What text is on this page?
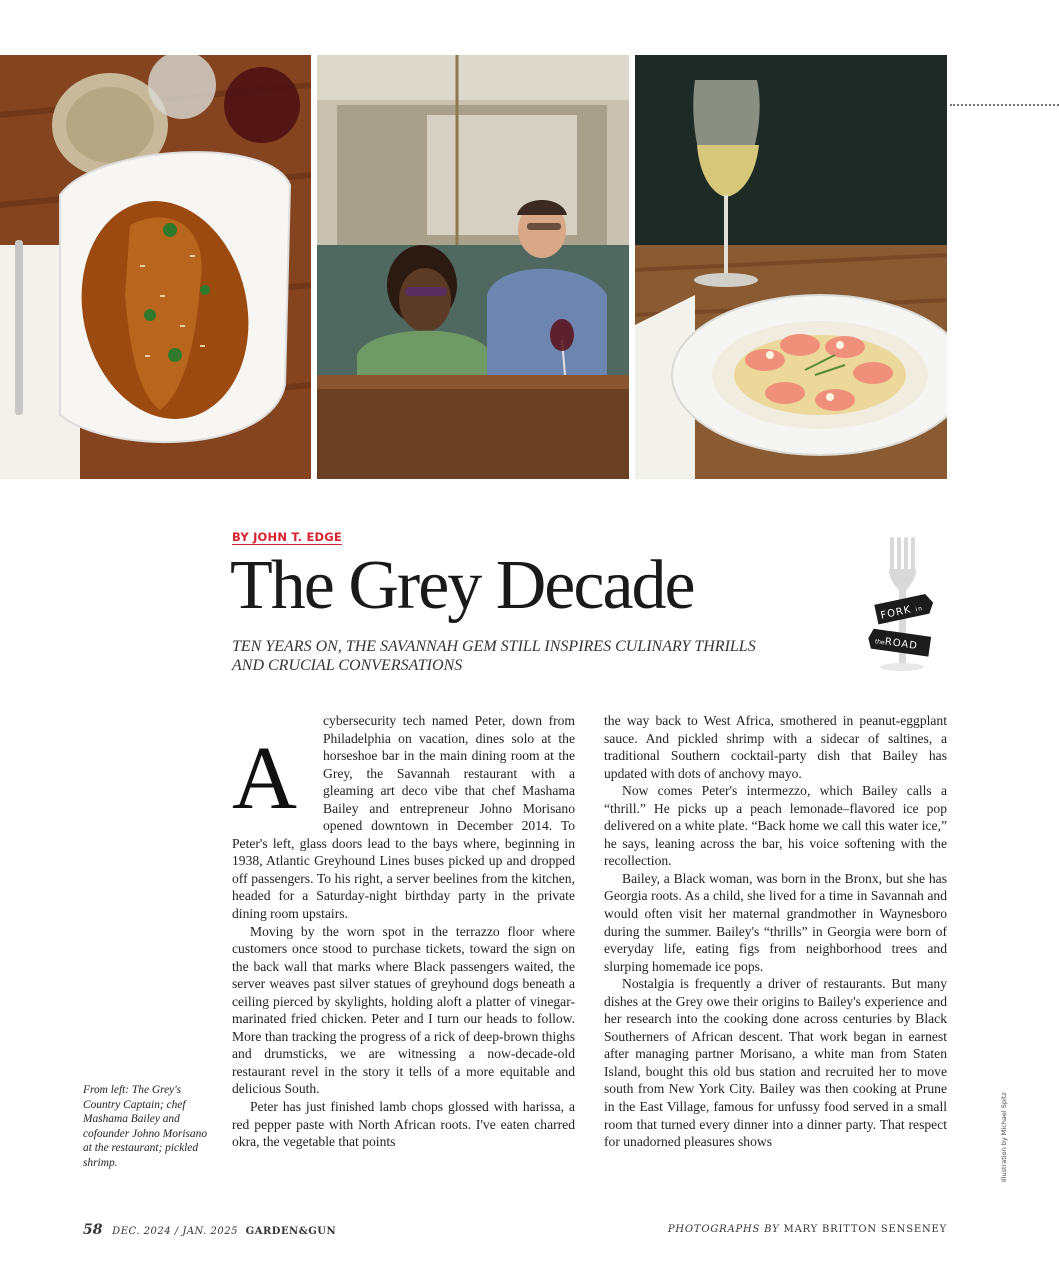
BY JOHN T. EDGE
The Grey Decade
TEN YEARS ON, THE SAVANNAH GEM STILL INSPIRES CULINARY THRILLS AND CRUCIAL CONVERSATIONS
FORK in
theROAD
A

cybersecurity tech named Peter, down from Philadelphia on vacation, dines solo at the horseshoe bar in the main dining room at the Grey, the Savannah restaurant with a gleaming art deco vibe that chef Mashama Bailey and entrepreneur Johno Morisano opened downtown in December 2014. To Peter's left, glass doors lead to the bays where, beginning in 1938, Atlantic Greyhound Lines buses picked up and dropped off passengers. To his right, a server beelines from the kitchen, headed for a Saturday-night birthday party in the private dining room upstairs.

Moving by the worn spot in the terrazzo floor where customers once stood to purchase tickets, toward the sign on the back wall that marks where Black passengers waited, the server weaves past silver statues of greyhound dogs beneath a ceiling pierced by skylights, holding aloft a platter of vinegar-marinated fried chicken. Peter and I turn our heads to follow. More than tracking the progress of a rick of deep-brown thighs and drumsticks, we are witnessing a now-decade-old restaurant revel in the story it tells of a more equitable and delicious South.

Peter has just finished lamb chops glossed with harissa, a red pepper paste with North African roots. I've eaten charred okra, the vegetable that points

the way back to West Africa, smothered in peanut-eggplant sauce. And pickled shrimp with a sidecar of saltines, a traditional Southern cocktail-party dish that Bailey has updated with dots of anchovy mayo.

Now comes Peter's intermezzo, which Bailey calls a “thrill.” He picks up a peach lemonade–flavored ice pop delivered on a white plate. “Back home we call this water ice,” he says, leaning across the bar, his voice softening with the recollection.

Bailey, a Black woman, was born in the Bronx, but she has Georgia roots. As a child, she lived for a time in Savannah and would often visit her maternal grandmother in Waynesboro during the summer. Bailey's “thrills” in Georgia were born of everyday life, eating figs from neighborhood trees and slurping homemade ice pops.

Nostalgia is frequently a driver of restaurants. But many dishes at the Grey owe their origins to Bailey's experience and her research into the cooking done across centuries by Black Southerners of African descent. That work began in earnest after managing partner Morisano, a white man from Staten Island, bought this old bus station and recruited her to move south from New York City. Bailey was then cooking at Prune in the East Village, famous for unfussy food served in a small room that turned every dinner into a dinner party. That respect for unadorned pleasures shows

From left: The Grey's Country Captain; chef Mashama Bailey and cofounder Johno Morisano at the restaurant; pickled shrimp.	Illustration by Michael Spitz
58 DEC. 2024 / JAN. 2025 GARDEN&GUN	PHOTOGRAPHS BY MARY BRITTON SENSENEY
